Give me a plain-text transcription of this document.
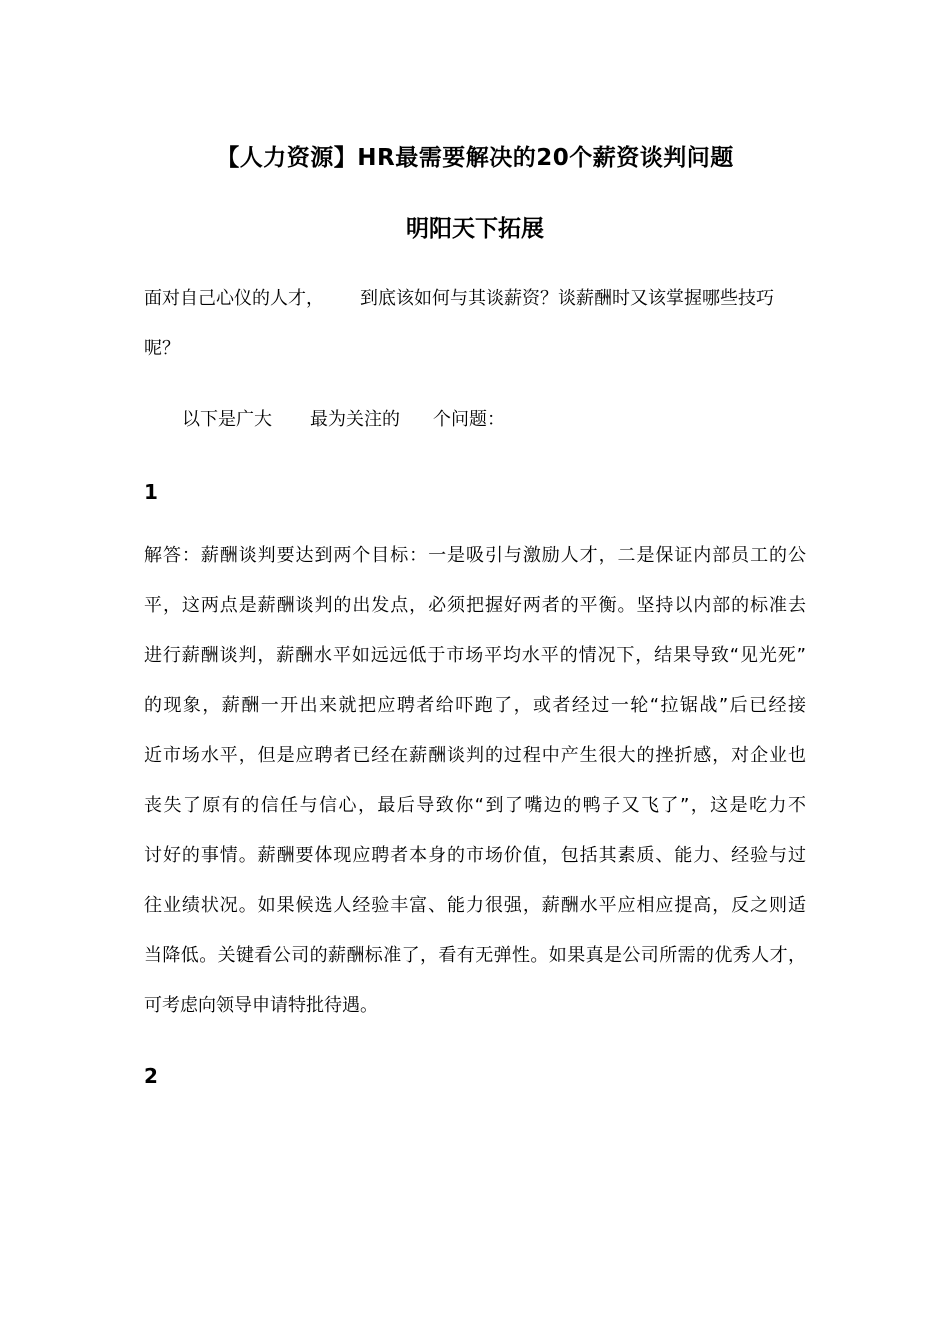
【人力资源】HR最需要解决的20个薪资谈判问题
明阳天下拓展
面对自己心仪的人才， 到底该如何与其谈薪资？谈薪酬时又该掌握哪些技巧
呢？
以下是广大 最为关注的 个问题：
1
解答：薪酬谈判要达到两个目标：一是吸引与激励人才，二是保证内部员工的公
平，这两点是薪酬谈判的出发点，必须把握好两者的平衡。坚持以内部的标准去
进行薪酬谈判，薪酬水平如远远低于市场平均水平的情况下，结果导致“见光死”
的现象，薪酬一开出来就把应聘者给吓跑了，或者经过一轮“拉锯战”后已经接
近市场水平，但是应聘者已经在薪酬谈判的过程中产生很大的挫折感，对企业也
丧失了原有的信任与信心，最后导致你“到了嘴边的鸭子又飞了”，这是吃力不
讨好的事情。薪酬要体现应聘者本身的市场价值，包括其素质、能力、经验与过
往业绩状况。如果候选人经验丰富、能力很强，薪酬水平应相应提高，反之则适
当降低。关键看公司的薪酬标准了，看有无弹性。如果真是公司所需的优秀人才，
可考虑向领导申请特批待遇。
2
